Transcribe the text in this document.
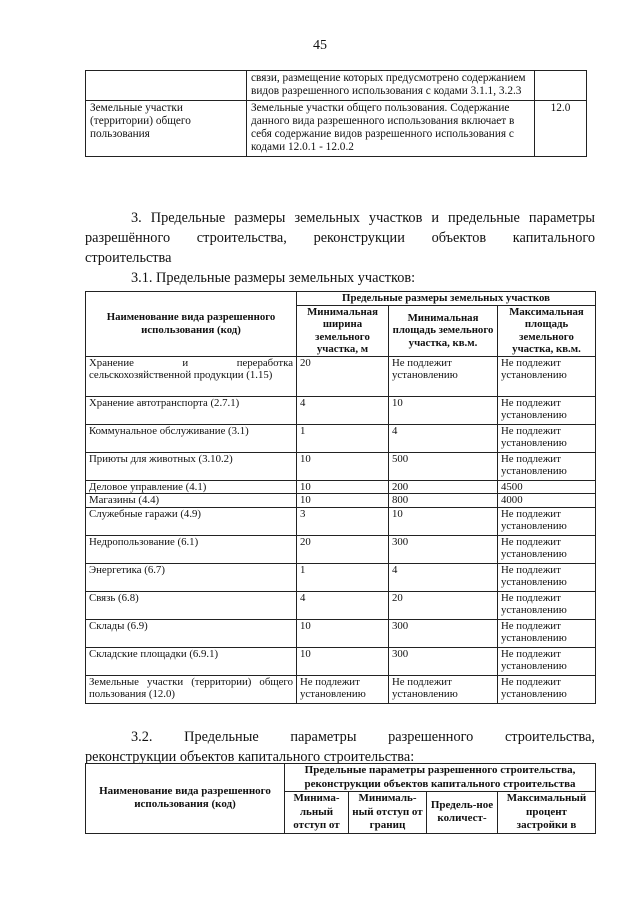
45
	связи, размещение которых предусмотрено содержанием видов разрешенного использования с кодами 3.1.1, 3.2.3	
Земельные участки (территории) общего пользования	Земельные участки общего пользования. Содержание данного вида разрешенного использования включает в себя содержание видов разрешенного использования с кодами 12.0.1 - 12.0.2	12.0
3. Предельные размеры земельных участков и предельные параметры
разрешённого строительства, реконструкции объектов капитального
строительства
3.1. Предельные размеры земельных участков:
Наименование вида разрешенного использования (код)	Предельные размеры земельных участков		
	Минимальная ширина земельного участка, м	Минимальная площадь земельного участка, кв.м.	Максимальная площадь земельного участка, кв.м.
Хранение и переработка сельскохозяйственной продукции (1.15)	20	Не подлежит установлению	Не подлежит установлению
Хранение автотранспорта (2.7.1)	4	10	Не подлежит установлению
Коммунальное обслуживание (3.1)	1	4	Не подлежит установлению
Приюты для животных (3.10.2)	10	500	Не подлежит установлению
Деловое управление (4.1)	10	200	4500
Магазины (4.4)	10	800	4000
Служебные гаражи (4.9)	3	10	Не подлежит установлению
Недропользование (6.1)	20	300	Не подлежит установлению
Энергетика (6.7)	1	4	Не подлежит установлению
Связь (6.8)	4	20	Не подлежит установлению
Склады (6.9)	10	300	Не подлежит установлению
Складские площадки (6.9.1)	10	300	Не подлежит установлению
Земельные участки (территории) общего пользования (12.0)	Не подлежит установлению	Не подлежит установлению	Не подлежит установлению
3.2. Предельные параметры разрешенного строительства,
реконструкции объектов капитального строительства:
Наименование вида разрешенного использования (код)	Предельные параметры разрешенного строительства, реконструкции объектов капитального строительства			
	Минима-льный отступ от	Минималь-ный отступ от границ	Предель-ное количест-	Максимальный процент застройки в
